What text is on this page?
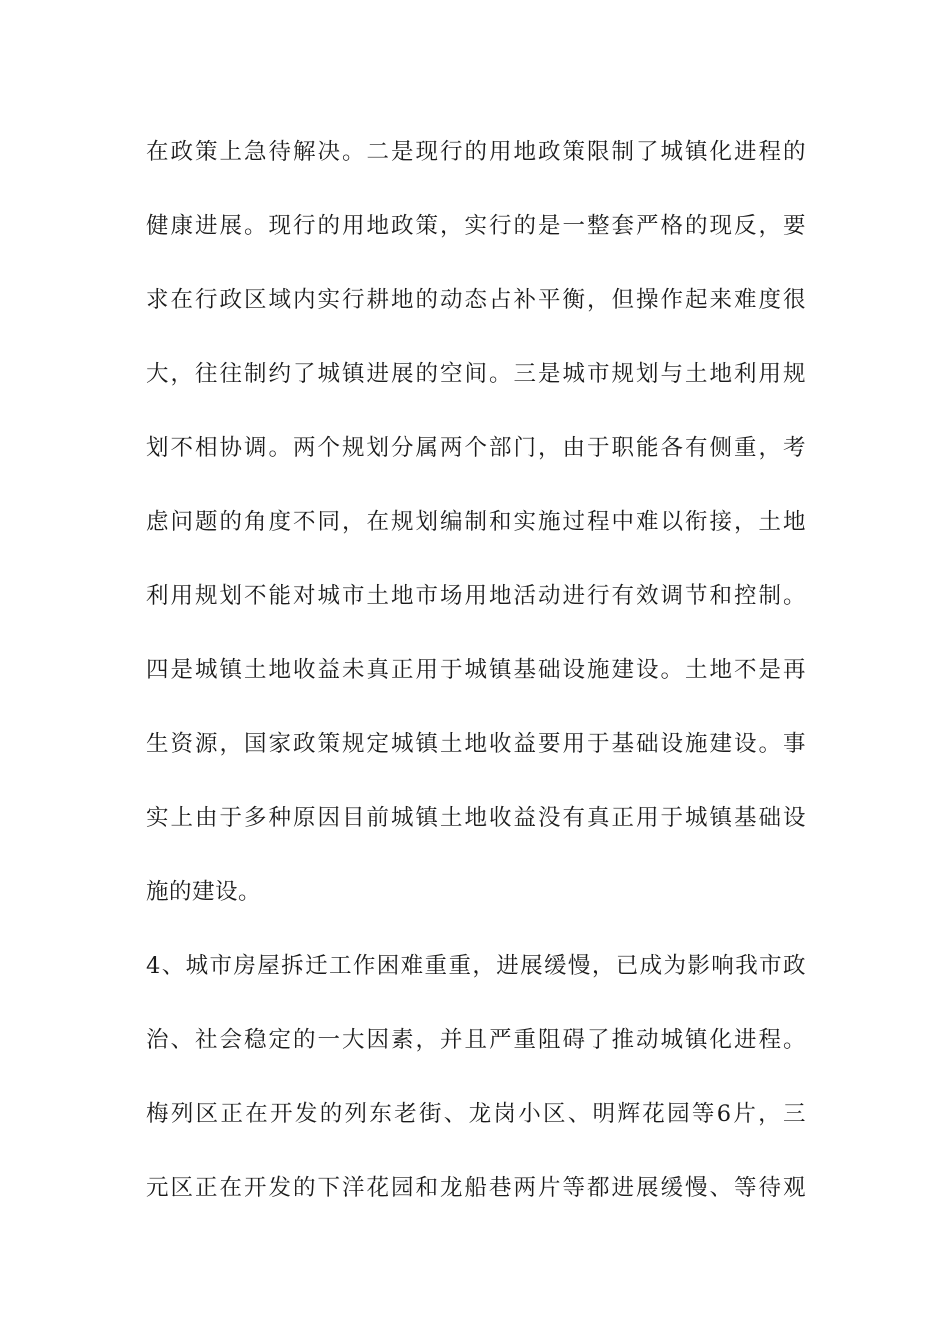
在政策上急待解决。二是现行的用地政策限制了城镇化进程的
健康进展。现行的用地政策，实行的是一整套严格的现反，要
求在行政区域内实行耕地的动态占补平衡，但操作起来难度很
大，往往制约了城镇进展的空间。三是城市规划与土地利用规
划不相协调。两个规划分属两个部门，由于职能各有侧重，考
虑问题的角度不同，在规划编制和实施过程中难以衔接，土地
利用规划不能对城市土地市场用地活动进行有效调节和控制。
四是城镇土地收益未真正用于城镇基础设施建设。土地不是再
生资源，国家政策规定城镇土地收益要用于基础设施建设。事
实上由于多种原因目前城镇土地收益没有真正用于城镇基础设
施的建设。
4、城市房屋拆迁工作困难重重，进展缓慢，已成为影响我市政
治、社会稳定的一大因素，并且严重阻碍了推动城镇化进程。
梅列区正在开发的列东老街、龙岗小区、明辉花园等6片，三
元区正在开发的下洋花园和龙船巷两片等都进展缓慢、等待观
